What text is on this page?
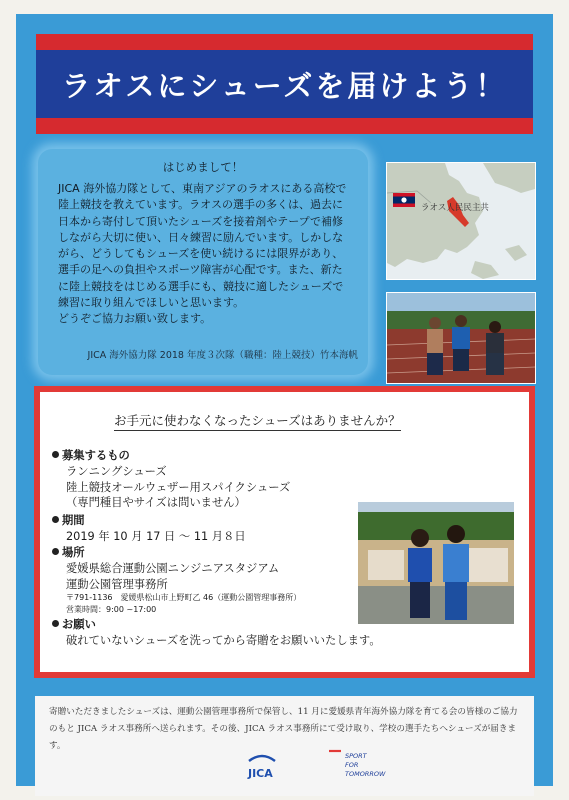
ラオスにシューズを届けよう！
はじめまして！

JICA 海外協力隊として、東南アジアのラオスにある高校で

陸上競技を教えています。ラオスの選手の多くは、過去に

日本から寄付して頂いたシューズを接着剤やテープで補修

しながら大切に使い、日々練習に励んでいます。しかしな

がら、どうしてもシューズを使い続けるには限界があり、

選手の足への負担やスポーツ障害が心配です。また、新た

に陸上競技をはじめる選手にも、競技に適したシューズで

練習に取り組んでほしいと思います。

どうぞご協力お願い致します。

JICA 海外協力隊 2018 年度３次隊（職種：陸上競技）竹本海帆
ラオス人民民主共
お手元に使わなくなったシューズはありませんか？
募集するもの
ランニングシューズ
陸上競技オールウェザー用スパイクシューズ
（専門種目やサイズは問いません）
期間
2019 年 10 月 17 日 ～ 11 月８日
場所
愛媛県総合運動公園ニンジニアスタジアム
運動公園管理事務所
〒791-1136　愛媛県松山市上野町乙 46（運動公園管理事務所）
営業時間：9:00 ~17:00
お願い
破れていないシューズを洗ってから寄贈をお願いいたします。
寄贈いただきましたシューズは、運動公園管理事務所で保管し、11 月に愛媛県青年海外協力隊を育てる会の皆様のご協力のもと JICA ラオス事務所へ送られます。その後、JICA ラオス事務所にて受け取り、学校の選手たちへシューズが届きます。
JICA
SPORT
FOR
TOMORROW
